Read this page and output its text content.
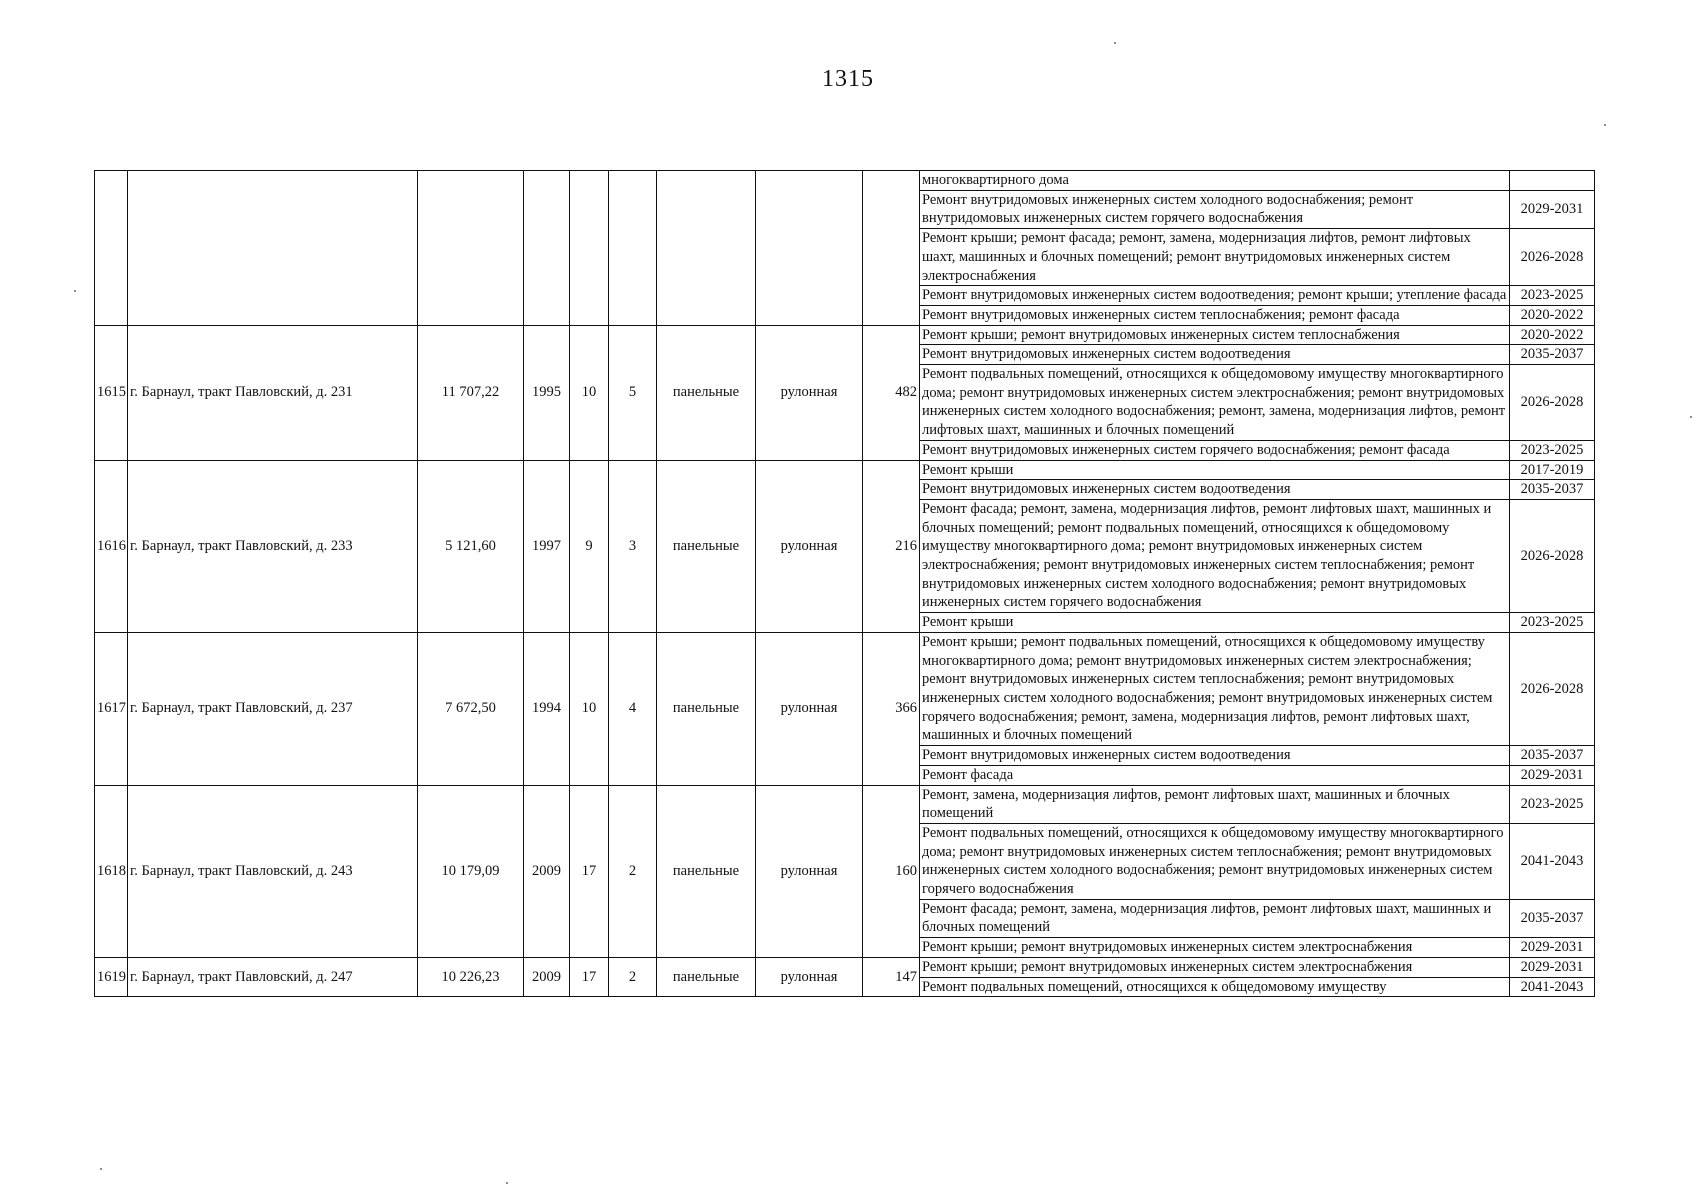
1315
									многоквартирного дома	
									Ремонт внутридомовых инженерных систем холодного водоснабжения; ремонт внутридомовых инженерных систем горячего водоснабжения	2029-2031
									Ремонт крыши; ремонт фасада; ремонт, замена, модернизация лифтов, ремонт лифтовых шахт, машинных и блочных помещений; ремонт внутридомовых инженерных систем электроснабжения	2026-2028
									Ремонт внутридомовых инженерных систем водоотведения; ремонт крыши; утепление фасада	2023-2025
									Ремонт внутридомовых инженерных систем теплоснабжения; ремонт фасада	2020-2022
1615	г. Барнаул, тракт Павловский, д. 231	11 707,22	1995	10	5	панельные	рулонная	482	Ремонт крыши; ремонт внутридомовых инженерных систем теплоснабжения	2020-2022
									Ремонт внутридомовых инженерных систем водоотведения	2035-2037
									Ремонт подвальных помещений, относящихся к общедомовому имуществу многоквартирного дома; ремонт внутридомовых инженерных систем электроснабжения; ремонт внутридомовых инженерных систем холодного водоснабжения; ремонт, замена, модернизация лифтов, ремонт лифтовых шахт, машинных и блочных помещений	2026-2028
									Ремонт внутридомовых инженерных систем горячего водоснабжения; ремонт фасада	2023-2025
1616	г. Барнаул, тракт Павловский, д. 233	5 121,60	1997	9	3	панельные	рулонная	216	Ремонт крыши	2017-2019
									Ремонт внутридомовых инженерных систем водоотведения	2035-2037
									Ремонт фасада; ремонт, замена, модернизация лифтов, ремонт лифтовых шахт, машинных и блочных помещений; ремонт подвальных помещений, относящихся к общедомовому имуществу многоквартирного дома; ремонт внутридомовых инженерных систем электроснабжения; ремонт внутридомовых инженерных систем теплоснабжения; ремонт внутридомовых инженерных систем холодного водоснабжения; ремонт внутридомовых инженерных систем горячего водоснабжения	2026-2028
									Ремонт крыши	2023-2025
1617	г. Барнаул, тракт Павловский, д. 237	7 672,50	1994	10	4	панельные	рулонная	366	Ремонт крыши; ремонт подвальных помещений, относящихся к общедомовому имуществу многоквартирного дома; ремонт внутридомовых инженерных систем электроснабжения; ремонт внутридомовых инженерных систем теплоснабжения; ремонт внутридомовых инженерных систем холодного водоснабжения; ремонт внутридомовых инженерных систем горячего водоснабжения; ремонт, замена, модернизация лифтов, ремонт лифтовых шахт, машинных и блочных помещений	2026-2028
									Ремонт внутридомовых инженерных систем водоотведения	2035-2037
									Ремонт фасада	2029-2031
1618	г. Барнаул, тракт Павловский, д. 243	10 179,09	2009	17	2	панельные	рулонная	160	Ремонт, замена, модернизация лифтов, ремонт лифтовых шахт, машинных и блочных помещений	2023-2025
									Ремонт подвальных помещений, относящихся к общедомовому имуществу многоквартирного дома; ремонт внутридомовых инженерных систем теплоснабжения; ремонт внутридомовых инженерных систем холодного водоснабжения; ремонт внутридомовых инженерных систем горячего водоснабжения	2041-2043
									Ремонт фасада; ремонт, замена, модернизация лифтов, ремонт лифтовых шахт, машинных и блочных помещений	2035-2037
									Ремонт крыши; ремонт внутридомовых инженерных систем электроснабжения	2029-2031
1619	г. Барнаул, тракт Павловский, д. 247	10 226,23	2009	17	2	панельные	рулонная	147	Ремонт крыши; ремонт внутридомовых инженерных систем электроснабжения	2029-2031
									Ремонт подвальных помещений, относящихся к общедомовому имуществу	2041-2043
